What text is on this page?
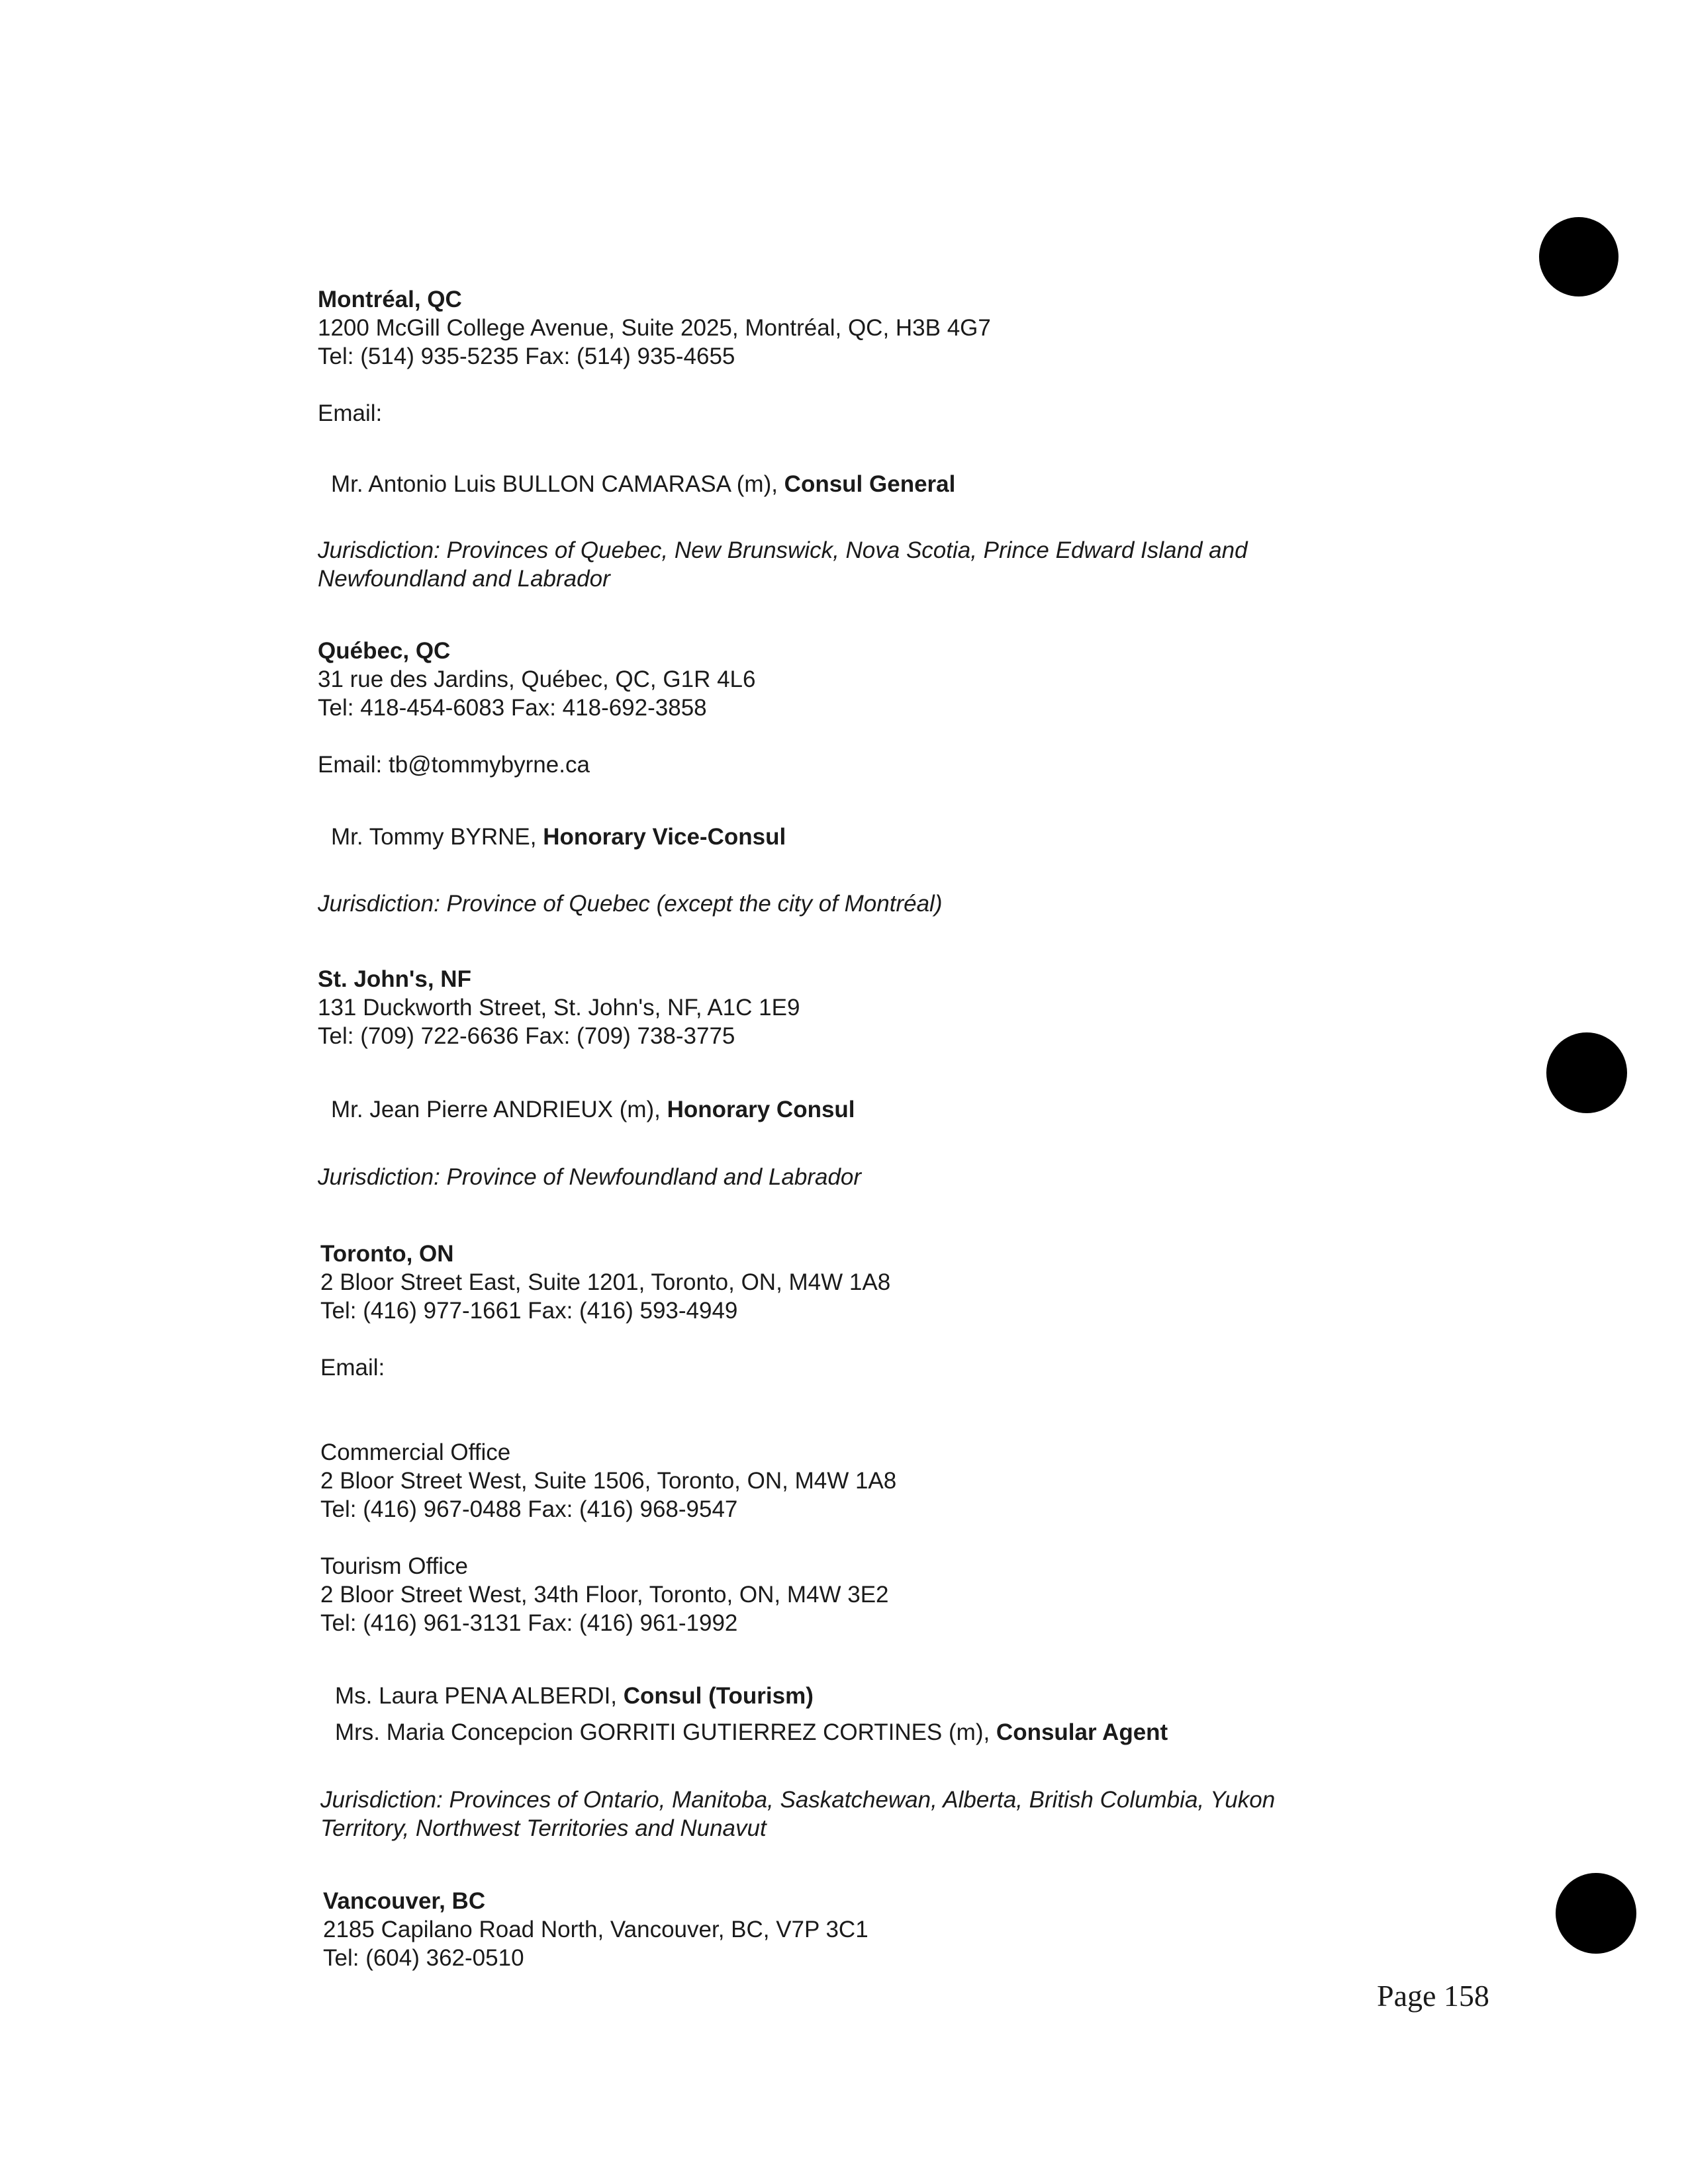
Montréal, QC

1200 McGill College Avenue, Suite 2025, Montréal, QC, H3B 4G7

Tel: (514) 935-5235 Fax: (514) 935-4655

Email:

Mr. Antonio Luis BULLON CAMARASA (m), Consul General

Jurisdiction: Provinces of Quebec, New Brunswick, Nova Scotia, Prince Edward Island and

Newfoundland and Labrador

Québec, QC

31 rue des Jardins, Québec, QC, G1R 4L6

Tel: 418-454-6083 Fax: 418-692-3858

Email: tb@tommybyrne.ca

Mr. Tommy BYRNE, Honorary Vice-Consul

Jurisdiction: Province of Quebec (except the city of Montréal)

St. John's, NF

131 Duckworth Street, St. John's, NF, A1C 1E9

Tel: (709) 722-6636 Fax: (709) 738-3775

Mr. Jean Pierre ANDRIEUX (m), Honorary Consul

Jurisdiction: Province of Newfoundland and Labrador

Toronto, ON

2 Bloor Street East, Suite 1201, Toronto, ON, M4W 1A8

Tel: (416) 977-1661 Fax: (416) 593-4949

Email:

Commercial Office

2 Bloor Street West, Suite 1506, Toronto, ON, M4W 1A8

Tel: (416) 967-0488 Fax: (416) 968-9547

Tourism Office

2 Bloor Street West, 34th Floor, Toronto, ON, M4W 3E2

Tel: (416) 961-3131 Fax: (416) 961-1992

Ms. Laura PENA ALBERDI, Consul (Tourism)

Mrs. Maria Concepcion GORRITI GUTIERREZ CORTINES (m), Consular Agent

Jurisdiction: Provinces of Ontario, Manitoba, Saskatchewan, Alberta, British Columbia, Yukon

Territory, Northwest Territories and Nunavut

Vancouver, BC

2185 Capilano Road North, Vancouver, BC, V7P 3C1

Tel: (604) 362-0510

Page 158
